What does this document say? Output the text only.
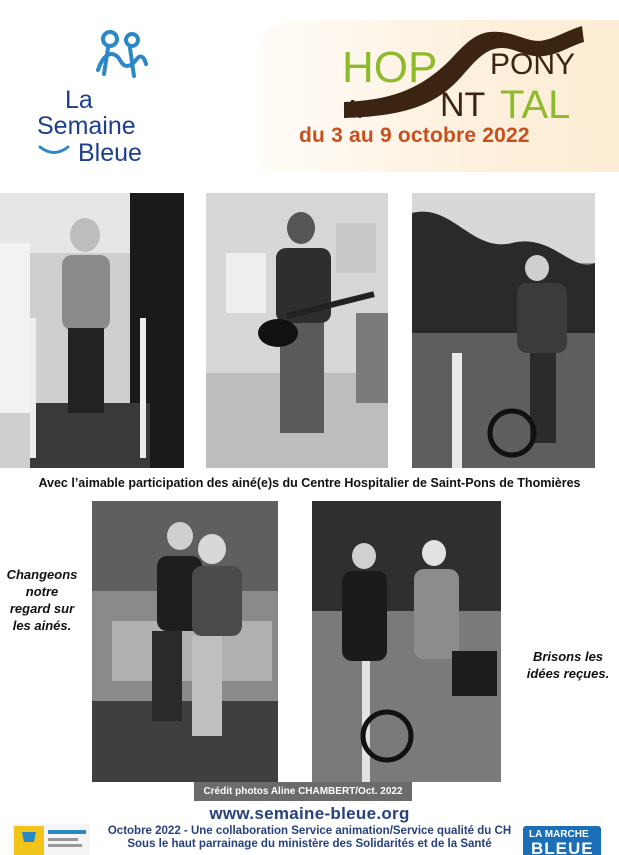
La
Semaine
Bleue
HOP
TAL
A NT
PONY
du 3 au 9 octobre 2022
Avec l’aimable participation des ainé(e)s du Centre Hospitalier de Saint-Pons de Thomières
Changeons
notre
regard sur
les ainés.
Brisons les
idées reçues.
Crédit photos Aline CHAMBERT/Oct. 2022
www.semaine-bleue.org
Octobre 2022 - Une collaboration Service animation/Service qualité du CH
Sous le haut parrainage du ministère des Solidarités et de la Santé
LA MARCHE
BLEUE
